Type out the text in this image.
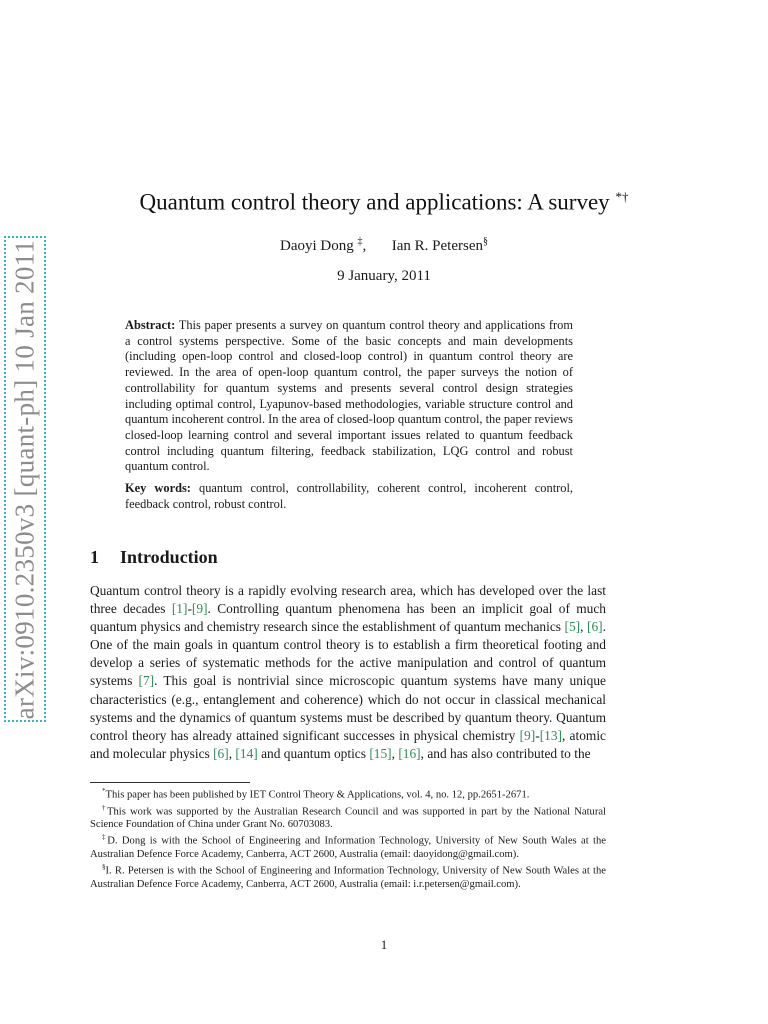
arXiv:0910.2350v3 [quant-ph] 10 Jan 2011
Quantum control theory and applications: A survey *†
Daoyi Dong ‡, Ian R. Petersen§
9 January, 2011
Abstract: This paper presents a survey on quantum control theory and applications from a control systems perspective. Some of the basic concepts and main developments (including open-loop control and closed-loop control) in quantum control theory are reviewed. In the area of open-loop quantum control, the paper surveys the notion of controllability for quantum systems and presents several control design strategies including optimal control, Lyapunov-based methodologies, variable structure control and quantum incoherent control. In the area of closed-loop quantum control, the paper reviews closed-loop learning control and several important issues related to quantum feedback control including quantum filtering, feedback stabilization, LQG control and robust quantum control.
Key words: quantum control, controllability, coherent control, incoherent control, feedback control, robust control.
1 Introduction
Quantum control theory is a rapidly evolving research area, which has developed over the last three decades [1]-[9]. Controlling quantum phenomena has been an implicit goal of much quantum physics and chemistry research since the establishment of quantum mechanics [5], [6]. One of the main goals in quantum control theory is to establish a firm theoretical footing and develop a series of systematic methods for the active manipulation and control of quantum systems [7]. This goal is nontrivial since microscopic quantum systems have many unique characteristics (e.g., entanglement and coherence) which do not occur in classical mechanical systems and the dynamics of quantum systems must be described by quantum theory. Quantum control theory has already attained significant successes in physical chemistry [9]-[13], atomic and molecular physics [6], [14] and quantum optics [15], [16], and has also contributed to the

*This paper has been published by IET Control Theory & Applications, vol. 4, no. 12, pp.2651-2671.

†This work was supported by the Australian Research Council and was supported in part by the National Natural Science Foundation of China under Grant No. 60703083.

‡D. Dong is with the School of Engineering and Information Technology, University of New South Wales at the Australian Defence Force Academy, Canberra, ACT 2600, Australia (email: daoyidong@gmail.com).

§I. R. Petersen is with the School of Engineering and Information Technology, University of New South Wales at the Australian Defence Force Academy, Canberra, ACT 2600, Australia (email: i.r.petersen@gmail.com).

1
